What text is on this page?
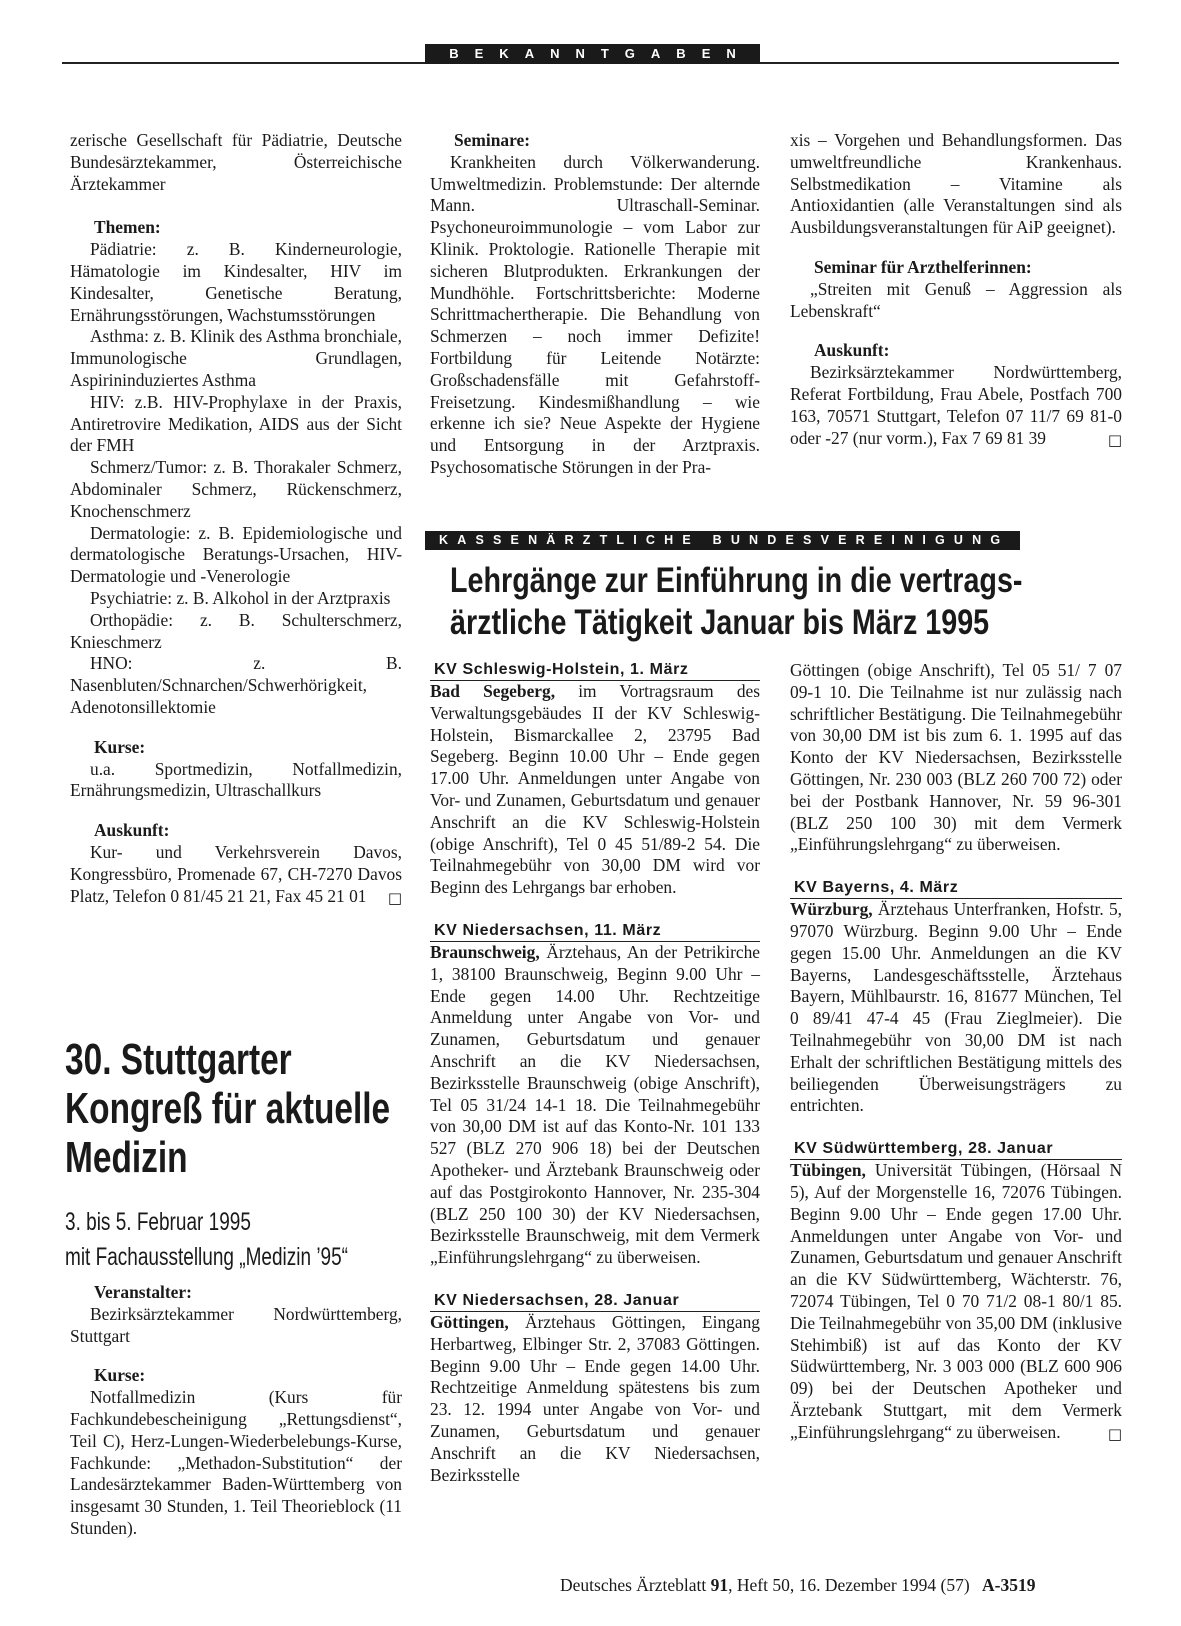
BEKANNTGABEN

zerische Gesellschaft für Pädiatrie, Deutsche Bundesärztekammer, Österreichische Ärztekammer

Themen:

Pädiatrie: z. B. Kinderneurologie, Hämatologie im Kindesalter, HIV im Kindesalter, Genetische Beratung, Ernährungsstörungen, Wachstumsstörungen

Asthma: z. B. Klinik des Asthma bronchiale, Immunologische Grundlagen, Aspirininduziertes Asthma

HIV: z.B. HIV-Prophylaxe in der Praxis, Antiretrovire Medikation, AIDS aus der Sicht der FMH

Schmerz/Tumor: z. B. Thorakaler Schmerz, Abdominaler Schmerz, Rückenschmerz, Knochenschmerz

Dermatologie: z. B. Epidemiologische und dermatologische Beratungs-Ursachen, HIV-Dermatologie und -Venerologie

Psychiatrie: z. B. Alkohol in der Arztpraxis

Orthopädie: z. B. Schulterschmerz, Knieschmerz

HNO: z. B. Nasenbluten/Schnarchen/Schwerhörigkeit, Adenotonsillektomie

Kurse:

u.a. Sportmedizin, Notfallmedizin, Ernährungsmedizin, Ultraschallkurs

Auskunft:

Kur- und Verkehrsverein Davos, Kongressbüro, Promenade 67, CH-7270 Davos Platz, Telefon 0 81/45 21 21, Fax 45 21 01	□

Seminare:

Krankheiten durch Völkerwanderung. Umweltmedizin. Problemstunde: Der alternde Mann. Ultraschall-Seminar. Psychoneuroimmunologie – vom Labor zur Klinik. Proktologie. Rationelle Therapie mit sicheren Blutprodukten. Erkrankungen der Mundhöhle. Fortschrittsberichte: Moderne Schrittmachertherapie. Die Behandlung von Schmerzen – noch immer Defizite! Fortbildung für Leitende Notärzte: Großschadensfälle mit Gefahrstoff-Freisetzung. Kindesmißhandlung – wie erkenne ich sie? Neue Aspekte der Hygiene und Entsorgung in der Arztpraxis. Psychosomatische Störungen in der Pra-

xis – Vorgehen und Behandlungsformen. Das umweltfreundliche Krankenhaus. Selbstmedikation – Vitamine als Antioxidantien (alle Veranstaltungen sind als Ausbildungsveranstaltungen für AiP geeignet).

Seminar für Arzthelferinnen:

„Streiten mit Genuß – Aggression als Lebenskraft“

Auskunft:

Bezirksärztekammer Nordwürttemberg, Referat Fortbildung, Frau Abele, Postfach 700 163, 70571 Stuttgart, Telefon 07 11/7 69 81-0 oder -27 (nur vorm.), Fax 7 69 81 39	□

KASSENÄRZTLICHE BUNDESVEREINIGUNG
Lehrgänge zur Einführung in die vertrags-
ärztliche Tätigkeit Januar bis März 1995
KV Schleswig-Holstein, 1. März

Bad Segeberg, im Vortragsraum des Verwaltungsgebäudes II der KV Schleswig-Holstein, Bismarckallee 2, 23795 Bad Segeberg. Beginn 10.00 Uhr – Ende gegen 17.00 Uhr. Anmeldungen unter Angabe von Vor- und Zunamen, Geburtsdatum und genauer Anschrift an die KV Schleswig-Holstein (obige Anschrift), Tel 0 45 51/89-2 54. Die Teilnahmegebühr von 30,00 DM wird vor Beginn des Lehrgangs bar erhoben.

KV Niedersachsen, 11. März

Braunschweig, Ärztehaus, An der Petrikirche 1, 38100 Braunschweig, Beginn 9.00 Uhr – Ende gegen 14.00 Uhr. Rechtzeitige Anmeldung unter Angabe von Vor- und Zunamen, Geburtsdatum und genauer Anschrift an die KV Niedersachsen, Bezirksstelle Braunschweig (obige Anschrift), Tel 05 31/24 14-1 18. Die Teilnahmegebühr von 30,00 DM ist auf das Konto-Nr. 101 133 527 (BLZ 270 906 18) bei der Deutschen Apotheker- und Ärztebank Braunschweig oder auf das Postgirokonto Hannover, Nr. 235-304 (BLZ 250 100 30) der KV Niedersachsen, Bezirksstelle Braunschweig, mit dem Vermerk „Einführungslehrgang“ zu überweisen.

KV Niedersachsen, 28. Januar

Göttingen, Ärztehaus Göttingen, Eingang Herbartweg, Elbinger Str. 2, 37083 Göttingen. Beginn 9.00 Uhr – Ende gegen 14.00 Uhr. Rechtzeitige Anmeldung spätestens bis zum 23. 12. 1994 unter Angabe von Vor- und Zunamen, Geburtsdatum und genauer Anschrift an die KV Niedersachsen, Bezirksstelle

Göttingen (obige Anschrift), Tel 05 51/ 7 07 09-1 10. Die Teilnahme ist nur zulässig nach schriftlicher Bestätigung. Die Teilnahmegebühr von 30,00 DM ist bis zum 6. 1. 1995 auf das Konto der KV Niedersachsen, Bezirksstelle Göttingen, Nr. 230 003 (BLZ 260 700 72) oder bei der Postbank Hannover, Nr. 59 96-301 (BLZ 250 100 30) mit dem Vermerk „Einführungslehrgang“ zu überweisen.

KV Bayerns, 4. März

Würzburg, Ärztehaus Unterfranken, Hofstr. 5, 97070 Würzburg. Beginn 9.00 Uhr – Ende gegen 15.00 Uhr. Anmeldungen an die KV Bayerns, Landesgeschäftsstelle, Ärztehaus Bayern, Mühlbaurstr. 16, 81677 München, Tel 0 89/41 47-4 45 (Frau Zieglmeier). Die Teilnahmegebühr von 30,00 DM ist nach Erhalt der schriftlichen Bestätigung mittels des beiliegenden Überweisungsträgers zu entrichten.

KV Südwürttemberg, 28. Januar

Tübingen, Universität Tübingen, (Hörsaal N 5), Auf der Morgenstelle 16, 72076 Tübingen. Beginn 9.00 Uhr – Ende gegen 17.00 Uhr. Anmeldungen unter Angabe von Vor- und Zunamen, Geburtsdatum und genauer Anschrift an die KV Südwürttemberg, Wächterstr. 76, 72074 Tübingen, Tel 0 70 71/2 08-1 80/1 85. Die Teilnahmegebühr von 35,00 DM (inklusive Stehimbiß) ist auf das Konto der KV Südwürttemberg, Nr. 3 003 000 (BLZ 600 906 09) bei der Deutschen Apotheker und Ärztebank Stuttgart, mit dem Vermerk „Einführungslehrgang“ zu überweisen.	□

30. Stuttgarter Kongreß für aktuelle Medizin
3. bis 5. Februar 1995
mit Fachausstellung „Medizin ’95“
Veranstalter:

Bezirksärztekammer Nordwürttemberg, Stuttgart

Kurse:

Notfallmedizin (Kurs für Fachkundebescheinigung „Rettungsdienst“, Teil C), Herz-Lungen-Wiederbelebungs-Kurse, Fachkunde: „Methadon-Substitution“ der Landesärztekammer Baden-Württemberg von insgesamt 30 Stunden, 1. Teil Theorieblock (11 Stunden).

Deutsches Ärzteblatt 91, Heft 50, 16. Dezember 1994 (57) A-3519
